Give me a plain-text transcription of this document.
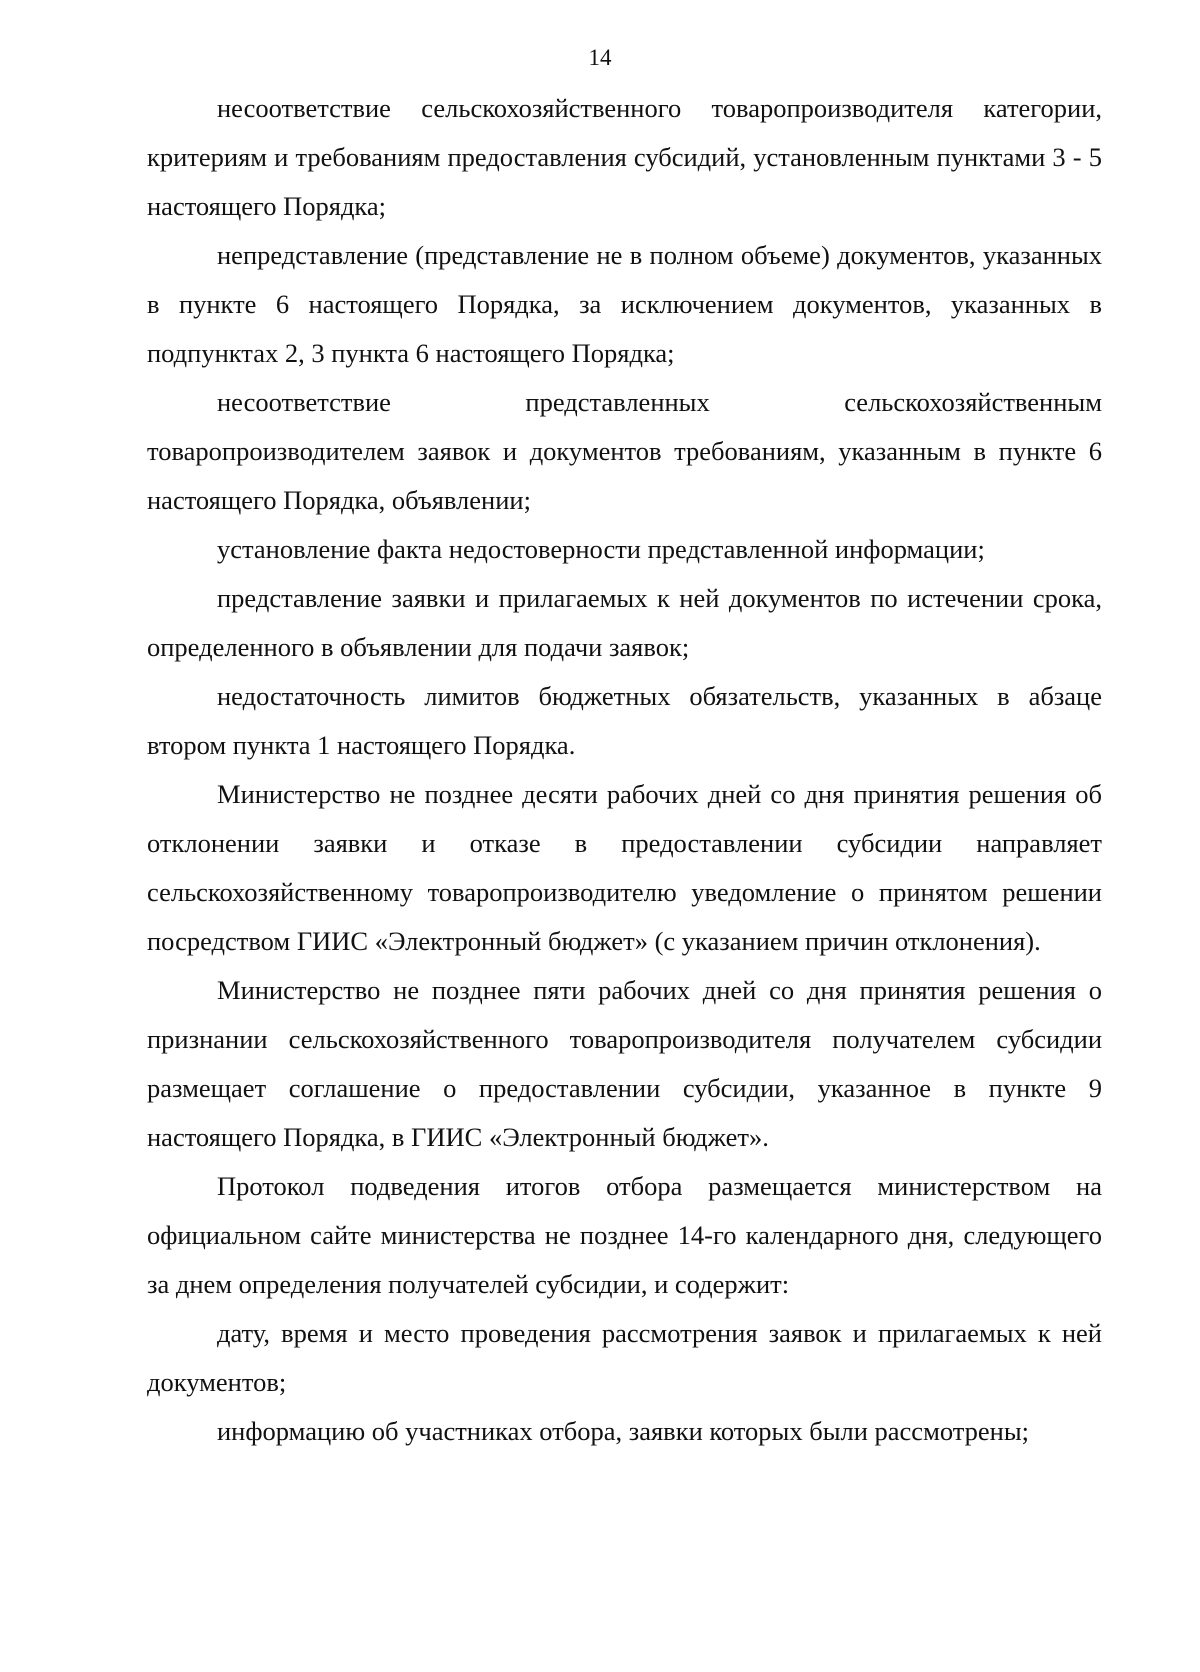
14

несоответствие сельскохозяйственного товаропроизводителя категории, критериям и требованиям предоставления субсидий, установленным пунктами 3 - 5 настоящего Порядка;

непредставление (представление не в полном объеме) документов, указанных в пункте 6 настоящего Порядка, за исключением документов, указанных в подпунктах 2, 3 пункта 6 настоящего Порядка;

несоответствие представленных сельскохозяйственным товаропроизводителем заявок и документов требованиям, указанным в пункте 6 настоящего Порядка, объявлении;

установление факта недостоверности представленной информации;

представление заявки и прилагаемых к ней документов по истечении срока, определенного в объявлении для подачи заявок;

недостаточность лимитов бюджетных обязательств, указанных в абзаце втором пункта 1 настоящего Порядка.

Министерство не позднее десяти рабочих дней со дня принятия решения об отклонении заявки и отказе в предоставлении субсидии направляет сельскохозяйственному товаропроизводителю уведомление о принятом решении посредством ГИИС «Электронный бюджет» (с указанием причин отклонения).

Министерство не позднее пяти рабочих дней со дня принятия решения о признании сельскохозяйственного товаропроизводителя получателем субсидии размещает соглашение о предоставлении субсидии, указанное в пункте 9 настоящего Порядка, в ГИИС «Электронный бюджет».

Протокол подведения итогов отбора размещается министерством на официальном сайте министерства не позднее 14-го календарного дня, следующего за днем определения получателей субсидии, и содержит:

дату, время и место проведения рассмотрения заявок и прилагаемых к ней документов;

информацию об участниках отбора, заявки которых были рассмотрены;
